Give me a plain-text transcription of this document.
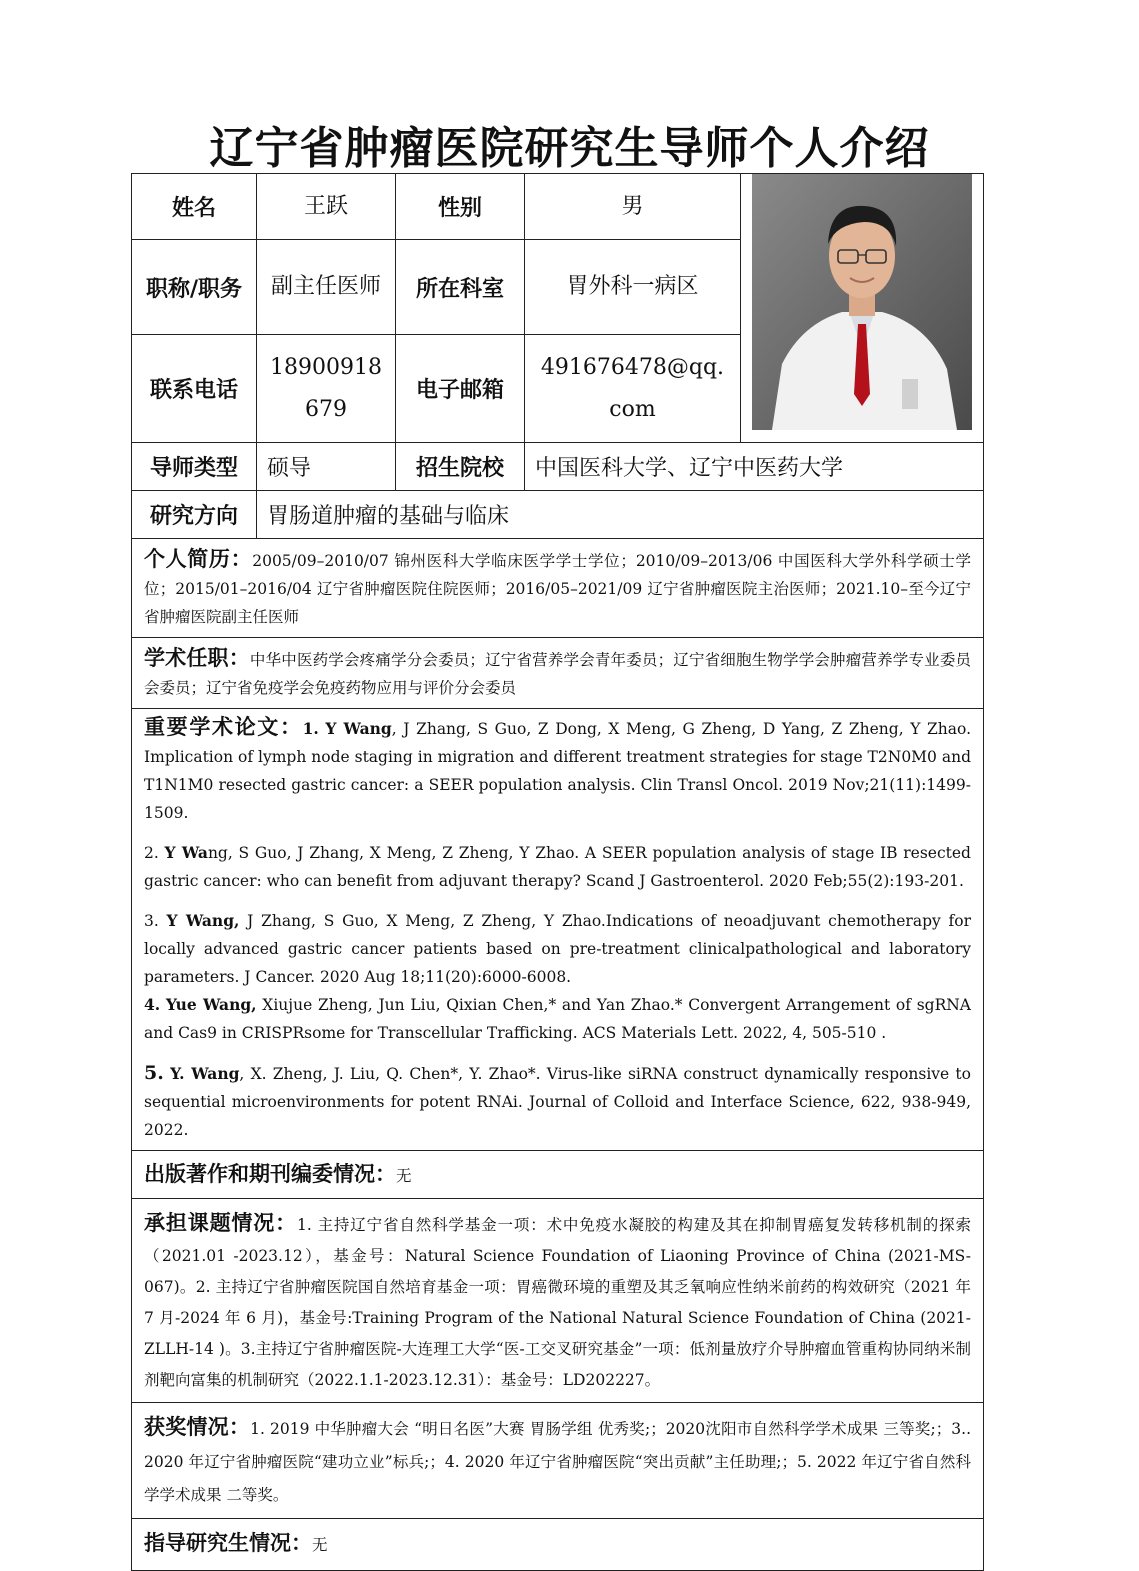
辽宁省肿瘤医院研究生导师个人介绍
姓名	王跃	性别	男	

职称/职务	副主任医师	所在科室	胃外科一病区	
联系电话	18900918679	电子邮箱	491676478@qq.com	
导师类型	硕导	招生院校	中国医科大学、辽宁中医药大学	
研究方向	胃肠道肿瘤的基础与临床			
个人简历：2005/09–2010/07 锦州医科大学临床医学学士学位；2010/09–2013/06 中国医科大学外科学硕士学位；2015/01–2016/04 辽宁省肿瘤医院住院医师；2016/05–2021/09 辽宁省肿瘤医院主治医师；2021.10–至今辽宁省肿瘤医院副主任医师				
学术任职：中华中医药学会疼痛学分会委员；辽宁省营养学会青年委员；辽宁省细胞生物学学会肿瘤营养学专业委员会委员；辽宁省免疫学会免疫药物应用与评价分会委员				

重要学术论文：1. Y Wang, J Zhang, S Guo, Z Dong, X Meng, G Zheng, D Yang, Z Zheng, Y Zhao. Implication of lymph node staging in migration and different treatment strategies for stage T2N0M0 and T1N1M0 resected gastric cancer: a SEER population analysis. Clin Transl Oncol. 2019 Nov;21(11):1499-1509.

2. Y Wang, S Guo, J Zhang, X Meng, Z Zheng, Y Zhao. A SEER population analysis of stage IB resected gastric cancer: who can benefit from adjuvant therapy? Scand J Gastroenterol. 2020 Feb;55(2):193-201.

3. Y Wang, J Zhang, S Guo, X Meng, Z Zheng, Y Zhao.Indications of neoadjuvant chemotherapy for locally advanced gastric cancer patients based on pre-treatment clinicalpathological and laboratory parameters. J Cancer. 2020 Aug 18;11(20):6000-6008.

4. Yue Wang, Xiujue Zheng, Jun Liu, Qixian Chen,* and Yan Zhao.* Convergent Arrangement of sgRNA and Cas9 in CRISPRsome for Transcellular Trafficking. ACS Materials Lett. 2022, 4, 505-510 .

5. Y. Wang, X. Zheng, J. Liu, Q. Chen*, Y. Zhao*. Virus-like siRNA construct dynamically responsive to sequential microenvironments for potent RNAi. Journal of Colloid and Interface Science, 622, 938-949, 2022.				

出版著作和期刊编委情况：无				
承担课题情况：1. 主持辽宁省自然科学基金一项：术中免疫水凝胶的构建及其在抑制胃癌复发转移机制的探索（2021.01 -2023.12），基金号：Natural Science Foundation of Liaoning Province of China (2021-MS-067)。2. 主持辽宁省肿瘤医院国自然培育基金一项：胃癌微环境的重塑及其乏氧响应性纳米前药的构效研究（2021 年 7 月-2024 年 6 月)，基金号:Training Program of the National Natural Science Foundation of China (2021-ZLLH-14 )。3.主持辽宁省肿瘤医院-大连理工大学“医-工交叉研究基金”一项：低剂量放疗介导肿瘤血管重构协同纳米制剂靶向富集的机制研究（2022.1.1-2023.12.31）：基金号：LD202227。				
获奖情况：1. 2019 中华肿瘤大会 “明日名医”大赛 胃肠学组 优秀奖;；2020沈阳市自然科学学术成果 三等奖;；3.. 2020 年辽宁省肿瘤医院“建功立业”标兵;；4. 2020 年辽宁省肿瘤医院“突出贡献”主任助理;；5. 2022 年辽宁省自然科学学术成果 二等奖。				
指导研究生情况：无				
